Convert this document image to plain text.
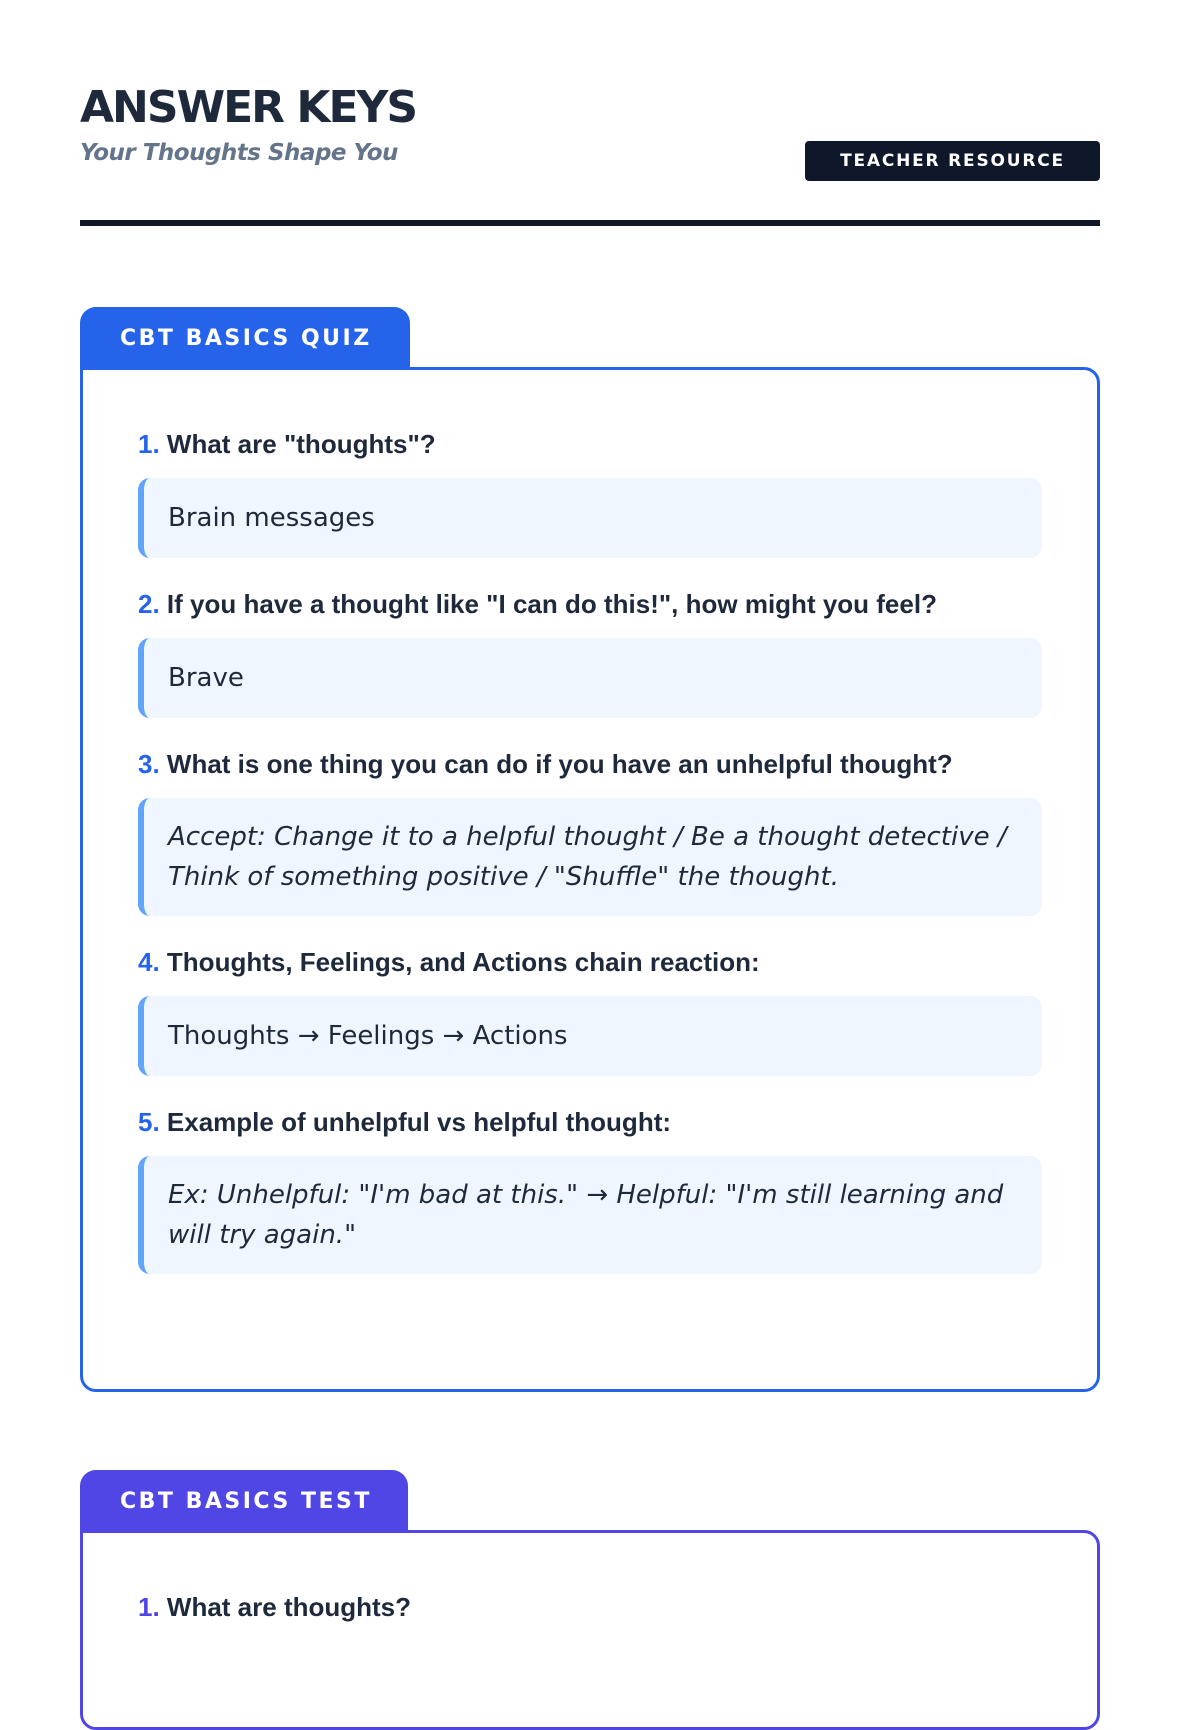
ANSWER KEYS
Your Thoughts Shape You	TEACHER RESOURCE
CBT BASICS QUIZ
1. What are "thoughts"?
Brain messages
2. If you have a thought like "I can do this!", how might you feel?
Brave
3. What is one thing you can do if you have an unhelpful thought?
Accept: Change it to a helpful thought / Be a thought detective / Think of something positive / "Shuffle" the thought.
4. Thoughts, Feelings, and Actions chain reaction:
Thoughts → Feelings → Actions
5. Example of unhelpful vs helpful thought:
Ex: Unhelpful: "I'm bad at this." → Helpful: "I'm still learning and will try again."
CBT BASICS TEST
1. What are thoughts?
